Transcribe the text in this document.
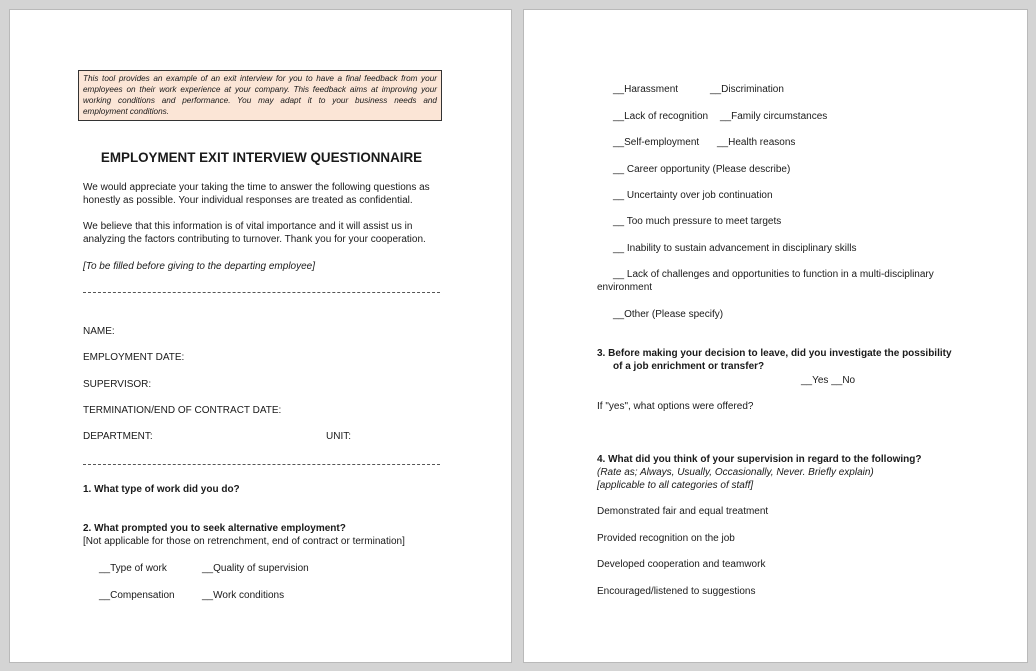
This tool provides an example of an exit interview for you to have a final feedback from your

employees on their work experience at your company. This feedback aims at improving your

working conditions and performance. You may adapt it to your business needs and

employment conditions.

EMPLOYMENT EXIT INTERVIEW QUESTIONNAIRE
We would appreciate your taking the time to answer the following questions as
honestly as possible. Your individual responses are treated as confidential.
We believe that this information is of vital importance and it will assist us in
analyzing the factors contributing to turnover. Thank you for your cooperation.
[To be filled before giving to the departing employee]
NAME:
EMPLOYMENT DATE:
SUPERVISOR:
TERMINATION/END OF CONTRACT DATE:
DEPARTMENT:	UNIT:
1. What type of work did you do?
2. What prompted you to seek alternative employment?
[Not applicable for those on retrenchment, end of contract or termination]
__Type of work	__Quality of supervision
__Compensation	__Work conditions
__Harassment	__Discrimination
__Lack of recognition __Family circumstances
__Self-employment __Health reasons
__ Career opportunity (Please describe)
__ Uncertainty over job continuation
__ Too much pressure to meet targets
__ Inability to sustain advancement in disciplinary skills
__ Lack of challenges and opportunities to function in a multi-disciplinary
environment
__Other (Please specify)
3. Before making your decision to leave, did you investigate the possibility
of a job enrichment or transfer?
__Yes __No
If "yes", what options were offered?
4. What did you think of your supervision in regard to the following?
(Rate as; Always, Usually, Occasionally, Never. Briefly explain)
[applicable to all categories of staff]
Demonstrated fair and equal treatment
Provided recognition on the job
Developed cooperation and teamwork
Encouraged/listened to suggestions
